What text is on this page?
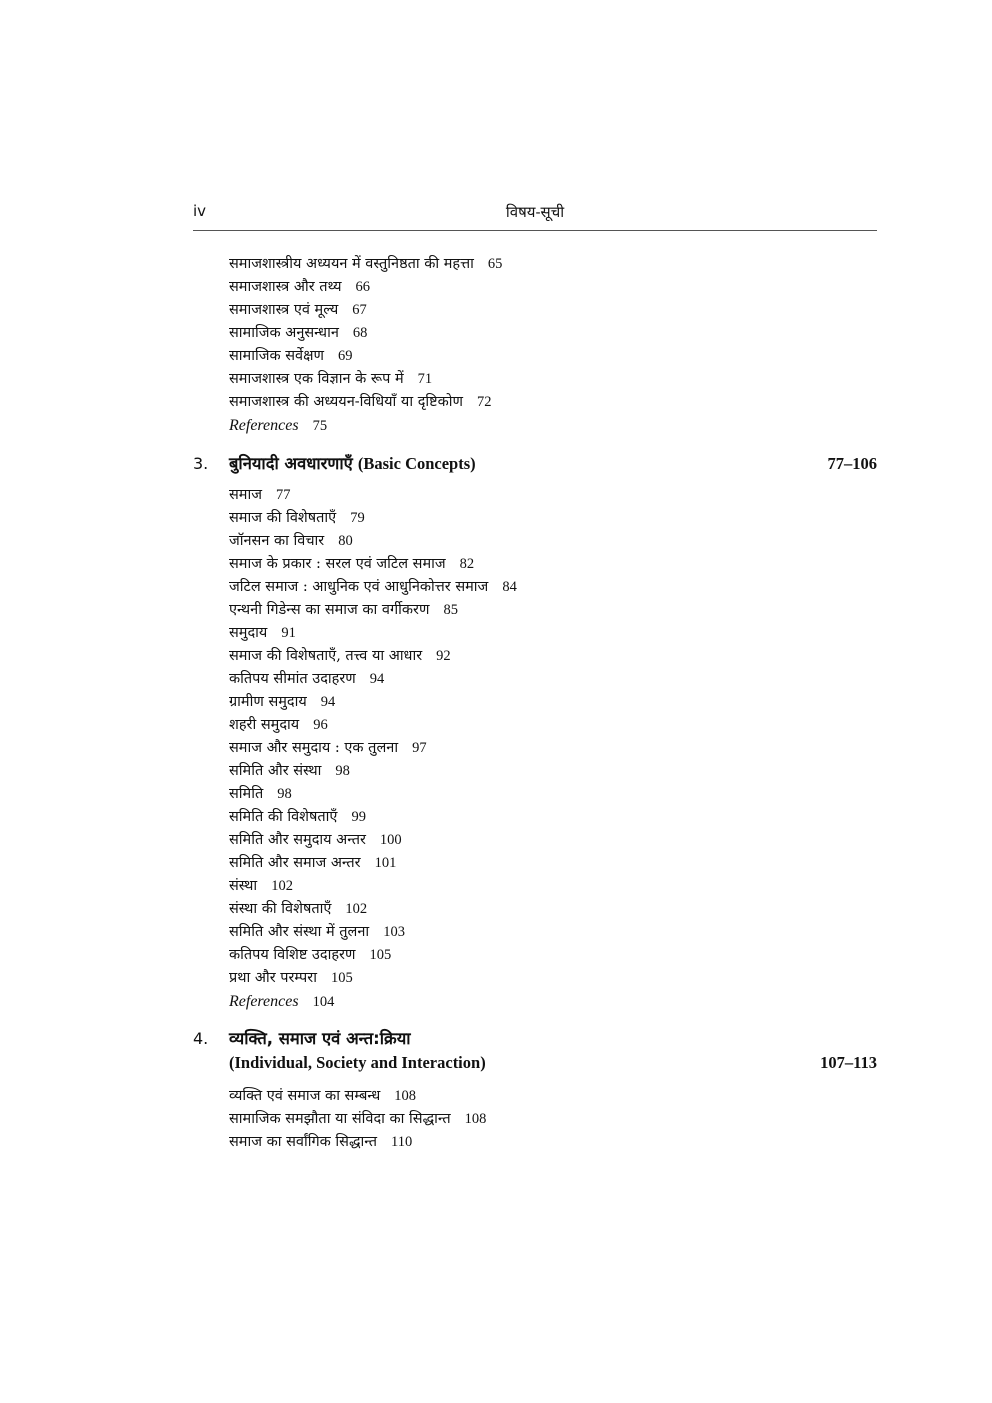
iv	विषय-सूची
समाजशास्त्रीय अध्ययन में वस्तुनिष्ठता की महत्ता 65
समाजशास्त्र और तथ्य 66
समाजशास्त्र एवं मूल्य 67
सामाजिक अनुसन्धान 68
सामाजिक सर्वेक्षण 69
समाजशास्त्र एक विज्ञान के रूप में 71
समाजशास्त्र की अध्ययन-विधियाँ या दृष्टिकोण 72
References 75
3. बुनियादी अवधारणाएँ (Basic Concepts)	77–106
समाज 77
समाज की विशेषताएँ 79
जॉनसन का विचार 80
समाज के प्रकार : सरल एवं जटिल समाज 82
जटिल समाज : आधुनिक एवं आधुनिकोत्तर समाज 84
एन्थनी गिडेन्स का समाज का वर्गीकरण 85
समुदाय 91
समाज की विशेषताएँ, तत्त्व या आधार 92
कतिपय सीमांत उदाहरण 94
ग्रामीण समुदाय 94
शहरी समुदाय 96
समाज और समुदाय : एक तुलना 97
समिति और संस्था 98
समिति 98
समिति की विशेषताएँ 99
समिति और समुदाय अन्तर 100
समिति और समाज अन्तर 101
संस्था 102
संस्था की विशेषताएँ 102
समिति और संस्था में तुलना 103
कतिपय विशिष्ट उदाहरण 105
प्रथा और परम्परा 105
References 104
4. व्यक्ति, समाज एवं अन्त:क्रिया
(Individual, Society and Interaction)	107–113
व्यक्ति एवं समाज का सम्बन्ध 108
सामाजिक समझौता या संविदा का सिद्धान्त 108
समाज का सर्वांगिक सिद्धान्त 110
